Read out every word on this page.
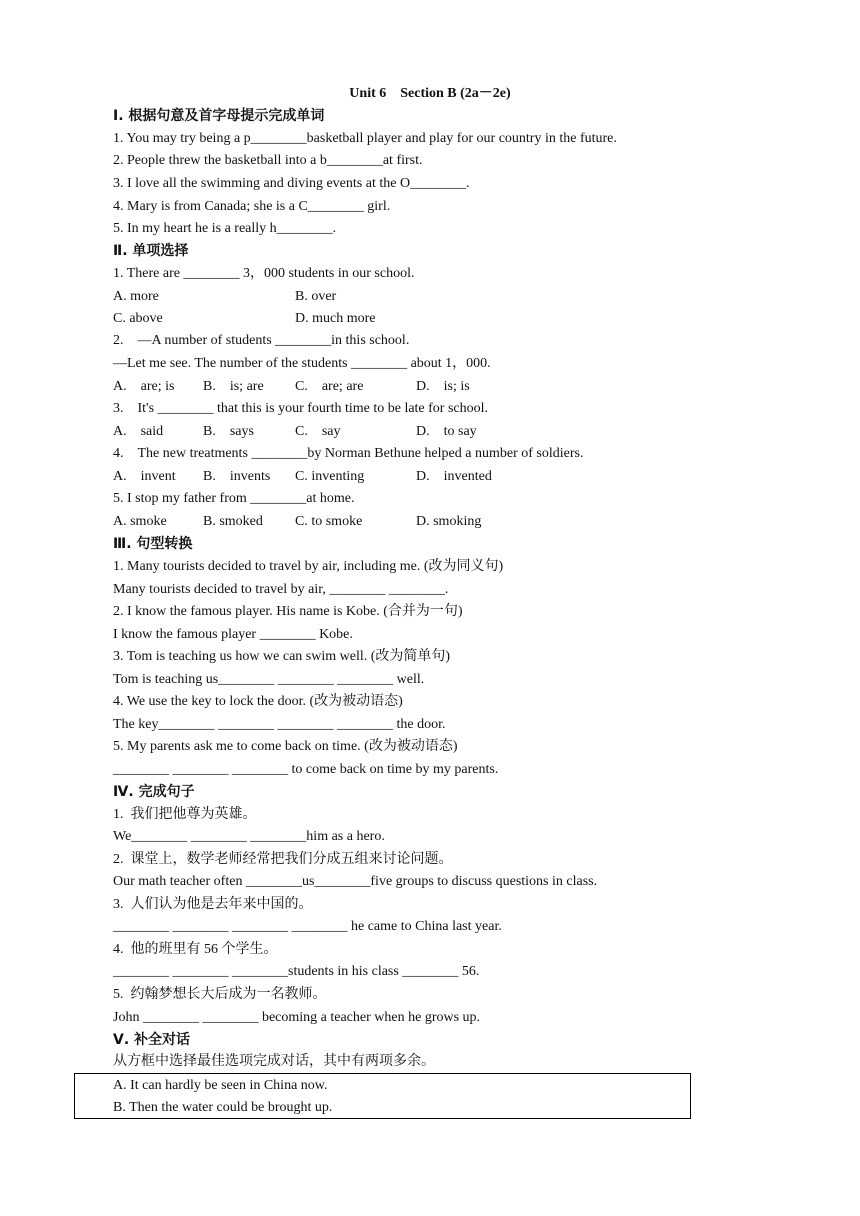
Unit 6　Section B (2a－2e)
Ⅰ. 根据句意及首字母提示完成单词
1. You may try being a p________basketball player and play for our country in the future.
2. People threw the basketball into a b________at first.
3. I love all the swimming and diving events at the O________.
4. Mary is from Canada; she is a C________ girl.
5. In my heart he is a really h________.
Ⅱ. 单项选择
1. There are ________ 3，000 students in our school.
A. more	B. over
C. above	D. much more
2.　—A number of students ________in this school.
—Let me see. The number of the students ________ about 1，000.
A.　are; is B.　is; are C.　are; are	D.　is; is
3.　It's ________ that this is your fourth time to be late for school.
A.　said	B.　says	C.　say	D.　to say
4.　The new treatments ________by Norman Bethune helped a number of soldiers.
A.　invent B.　invents C. inventing	D.　invented
5. I stop my father from ________at home.
A. smoke	B. smoked C. to smoke	D. smoking
Ⅲ. 句型转换
1. Many tourists decided to travel by air, including me. (改为同义句)
Many tourists decided to travel by air, ________ ________.
2. I know the famous player. His name is Kobe. (合并为一句)
I know the famous player ________ Kobe.
3. Tom is teaching us how we can swim well. (改为简单句)
Tom is teaching us________ ________ ________ well.
4. We use the key to lock the door. (改为被动语态)
The key________ ________ ________ ________ the door.
5. My parents ask me to come back on time. (改为被动语态)
________ ________ ________ to come back on time by my parents.
Ⅳ. 完成句子
1.  我们把他尊为英雄。
We________ ________ ________him as a hero.
2.  课堂上，数学老师经常把我们分成五组来讨论问题。
Our math teacher often ________us________five groups to discuss questions in class.
3.  人们认为他是去年来中国的。
________ ________ ________ ________ he came to China last year.
4.  他的班里有 56 个学生。
________ ________ ________students in his class ________ 56.
5.  约翰梦想长大后成为一名教师。
John ________ ________ becoming a teacher when he grows up.
Ⅴ. 补全对话
从方框中选择最佳选项完成对话，其中有两项多余。
A. It can hardly be seen in China now.
B. Then the water could be brought up.
